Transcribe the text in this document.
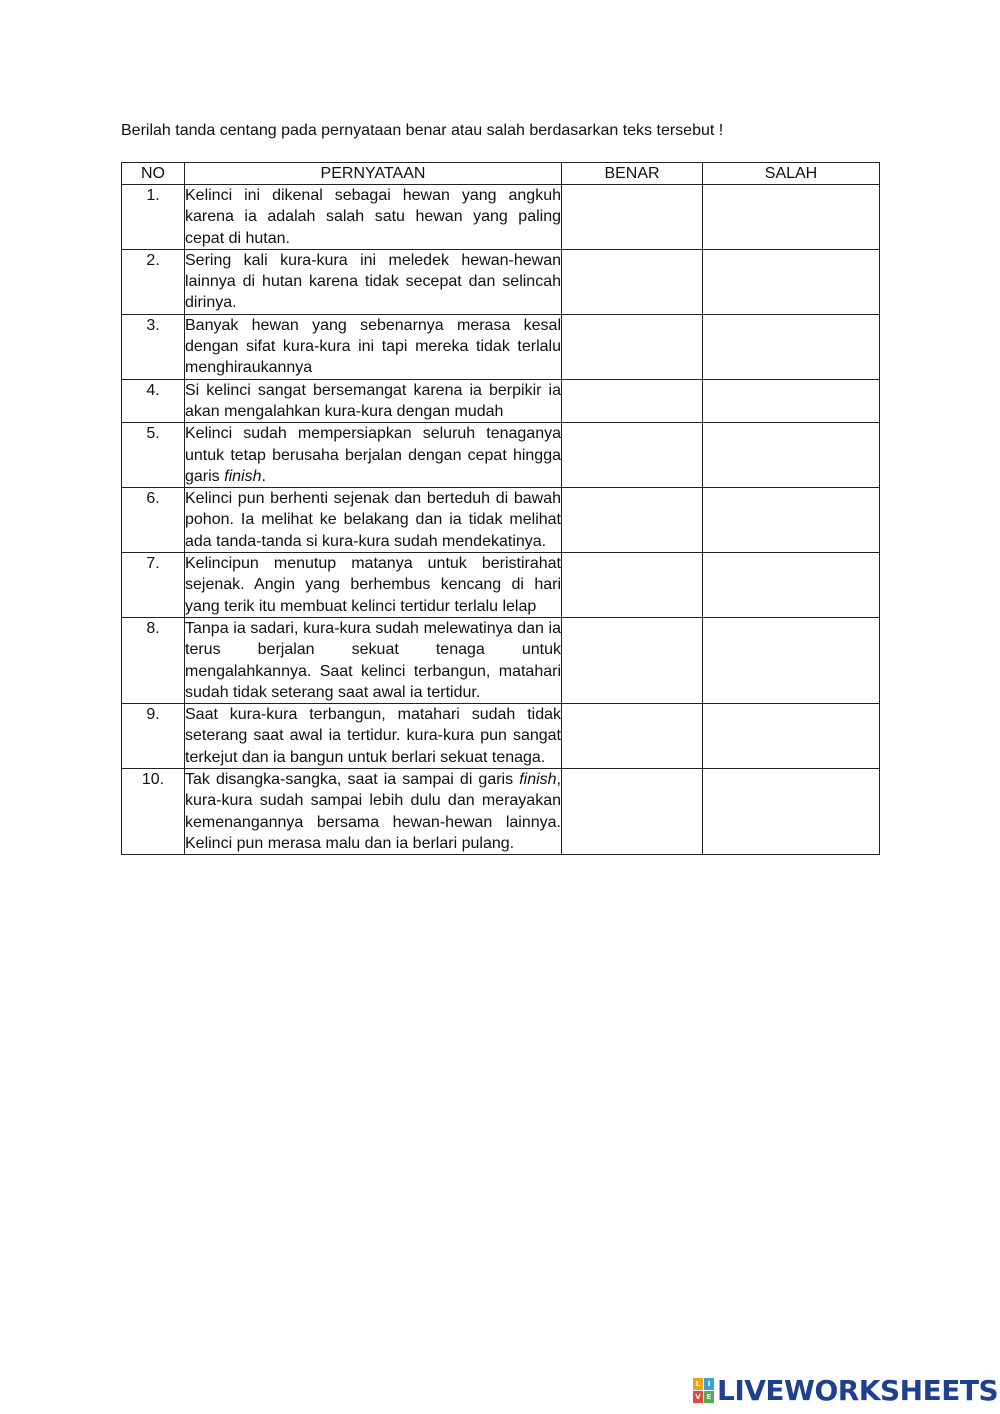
Berilah tanda centang pada pernyataan benar atau salah berdasarkan teks tersebut !

NO	PERNYATAAN	BENAR	SALAH
1.	Kelinci ini dikenal sebagai hewan yang angkuh karena ia adalah salah satu hewan yang paling cepat di hutan.		
2.	Sering kali kura-kura ini meledek hewan-hewan lainnya di hutan karena tidak secepat dan selincah dirinya.		
3.	Banyak hewan yang sebenarnya merasa kesal dengan sifat kura-kura ini tapi mereka tidak terlalu menghiraukannya		
4.	Si kelinci sangat bersemangat karena ia berpikir ia akan mengalahkan kura-kura dengan mudah		
5.	Kelinci sudah mempersiapkan seluruh tenaganya untuk tetap berusaha berjalan dengan cepat hingga garis finish.		
6.	Kelinci pun berhenti sejenak dan berteduh di bawah pohon. Ia melihat ke belakang dan ia tidak melihat ada tanda-tanda si kura-kura sudah mendekatinya.		
7.	Kelincipun menutup matanya untuk beristirahat sejenak. Angin yang berhembus kencang di hari yang terik itu membuat kelinci tertidur terlalu lelap		
8.	Tanpa ia sadari, kura-kura sudah melewatinya dan ia terus berjalan sekuat tenaga untuk mengalahkannya. Saat kelinci terbangun, matahari sudah tidak seterang saat awal ia tertidur.		
9.	Saat kura-kura terbangun, matahari sudah tidak seterang saat awal ia tertidur. kura-kura pun sangat terkejut dan ia bangun untuk berlari sekuat tenaga.		
10.	Tak disangka-sangka, saat ia sampai di garis finish, kura-kura sudah sampai lebih dulu dan merayakan kemenangannya bersama hewan-hewan lainnya. Kelinci pun merasa malu dan ia berlari pulang.		
L	I
V E LIVEWORKSHEETS
